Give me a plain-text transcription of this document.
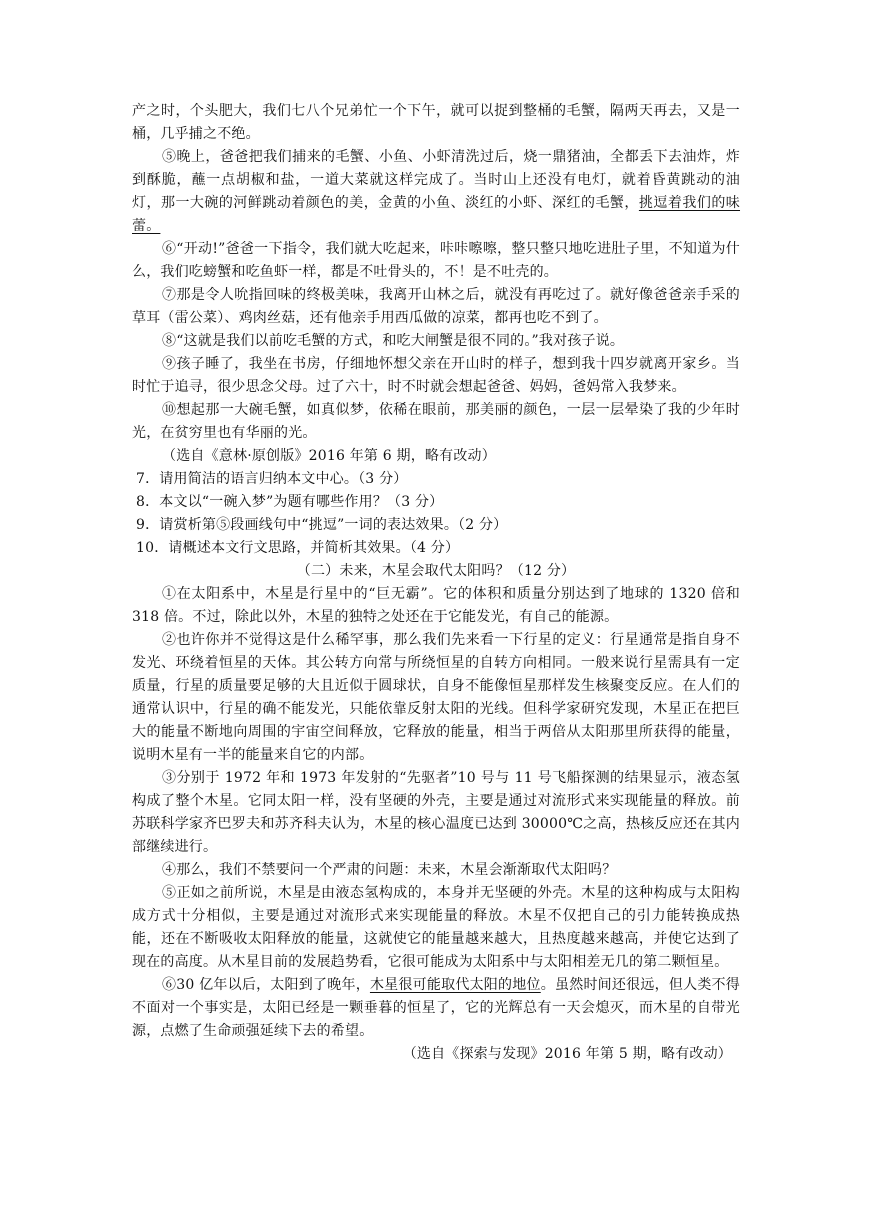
产之时，个头肥大，我们七八个兄弟忙一个下午，就可以捉到整桶的毛蟹，隔两天再去，又是一桶，几乎捕之不绝。

⑤晚上，爸爸把我们捕来的毛蟹、小鱼、小虾清洗过后，烧一鼎猪油，全都丢下去油炸，炸到酥脆，蘸一点胡椒和盐，一道大菜就这样完成了。当时山上还没有电灯，就着昏黄跳动的油灯，那一大碗的河鲜跳动着颜色的美，金黄的小鱼、淡红的小虾、深红的毛蟹，挑逗着我们的味蕾。

⑥“开动!”爸爸一下指令，我们就大吃起来，咔咔嚓嚓，整只整只地吃进肚子里，不知道为什么，我们吃螃蟹和吃鱼虾一样，都是不吐骨头的，不！是不吐壳的。

⑦那是令人吮指回味的终极美味，我离开山林之后，就没有再吃过了。就好像爸爸亲手采的草耳（雷公菜）、鸡肉丝菇，还有他亲手用西瓜做的凉菜，都再也吃不到了。

⑧“这就是我们以前吃毛蟹的方式，和吃大闸蟹是很不同的。”我对孩子说。

⑨孩子睡了，我坐在书房，仔细地怀想父亲在开山时的样子，想到我十四岁就离开家乡。当时忙于追寻，很少思念父母。过了六十，时不时就会想起爸爸、妈妈，爸妈常入我梦来。

⑩想起那一大碗毛蟹，如真似梦，依稀在眼前，那美丽的颜色，一层一层晕染了我的少年时光，在贫穷里也有华丽的光。

（选自《意林·原创版》2016 年第 6 期，略有改动）

7．请用简洁的语言归纳本文中心。（3 分）

8．本文以“一碗入梦”为题有哪些作用？（3 分）

9．请赏析第⑤段画线句中“挑逗”一词的表达效果。（2 分）

10．请概述本文行文思路，并简析其效果。（4 分）

（二）未来，木星会取代太阳吗？（12 分）

①在太阳系中，木星是行星中的“巨无霸”。它的体积和质量分别达到了地球的 1320 倍和 318 倍。不过，除此以外，木星的独特之处还在于它能发光，有自己的能源。

②也许你并不觉得这是什么稀罕事，那么我们先来看一下行星的定义：行星通常是指自身不发光、环绕着恒星的天体。其公转方向常与所绕恒星的自转方向相同。一般来说行星需具有一定质量，行星的质量要足够的大且近似于圆球状，自身不能像恒星那样发生核聚变反应。在人们的通常认识中，行星的确不能发光，只能依靠反射太阳的光线。但科学家研究发现，木星正在把巨大的能量不断地向周围的宇宙空间释放，它释放的能量，相当于两倍从太阳那里所获得的能量，说明木星有一半的能量来自它的内部。

③分别于 1972 年和 1973 年发射的“先驱者”10 号与 11 号飞船探测的结果显示，液态氢构成了整个木星。它同太阳一样，没有坚硬的外壳，主要是通过对流形式来实现能量的释放。前苏联科学家齐巴罗夫和苏齐科夫认为，木星的核心温度已达到 30000℃之高，热核反应还在其内部继续进行。

④那么，我们不禁要问一个严肃的问题：未来，木星会渐渐取代太阳吗？

⑤正如之前所说，木星是由液态氢构成的，本身并无坚硬的外壳。木星的这种构成与太阳构成方式十分相似，主要是通过对流形式来实现能量的释放。木星不仅把自己的引力能转换成热能，还在不断吸收太阳释放的能量，这就使它的能量越来越大，且热度越来越高，并使它达到了现在的高度。从木星目前的发展趋势看，它很可能成为太阳系中与太阳相差无几的第二颗恒星。

⑥30 亿年以后，太阳到了晚年，木星很可能取代太阳的地位。虽然时间还很远，但人类不得不面对一个事实是，太阳已经是一颗垂暮的恒星了，它的光辉总有一天会熄灭，而木星的自带光源，点燃了生命顽强延续下去的希望。

（选自《探索与发现》2016 年第 5 期，略有改动）
